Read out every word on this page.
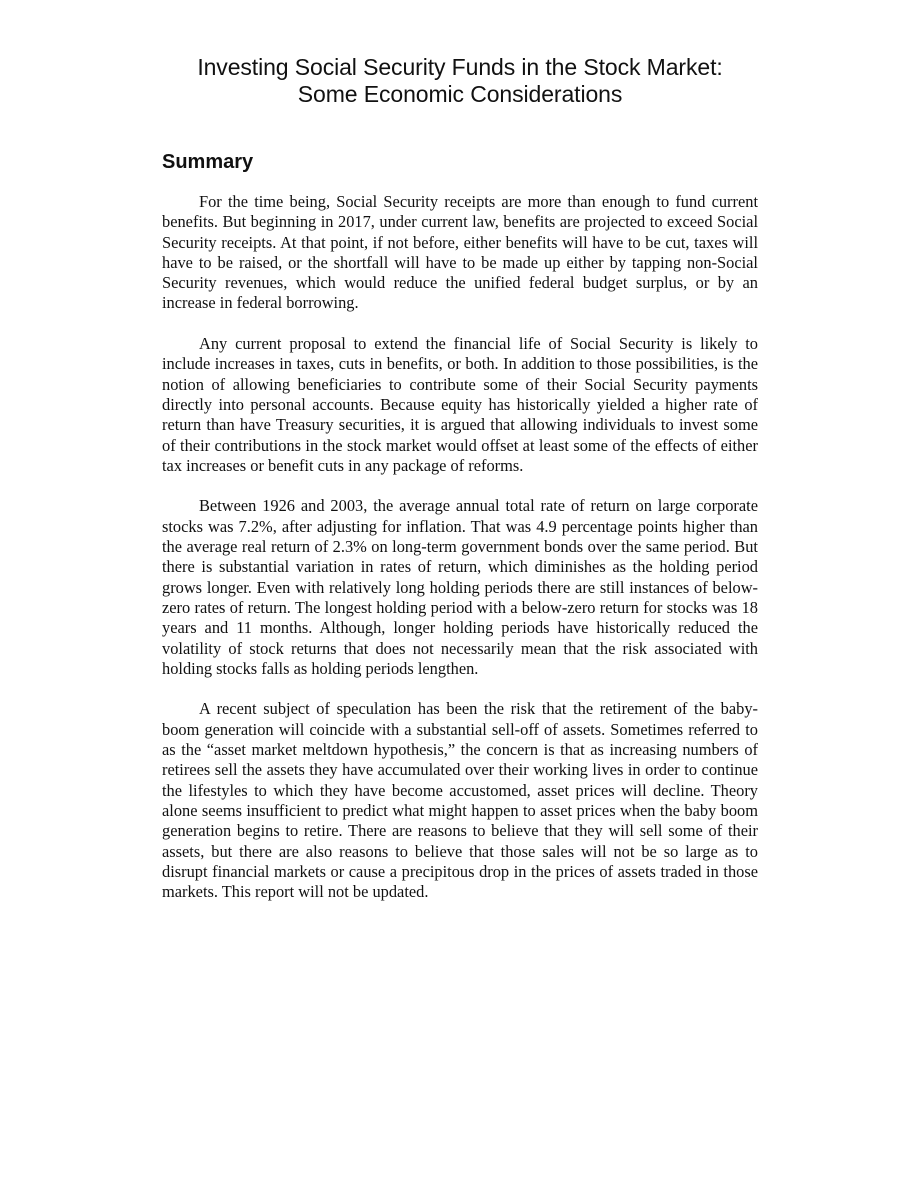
Investing Social Security Funds in the Stock Market:
Some Economic Considerations
Summary

For the time being, Social Security receipts are more than enough to fund current benefits. But beginning in 2017, under current law, benefits are projected to exceed Social Security receipts. At that point, if not before, either benefits will have to be cut, taxes will have to be raised, or the shortfall will have to be made up either by tapping non-Social Security revenues, which would reduce the unified federal budget surplus, or by an increase in federal borrowing.

Any current proposal to extend the financial life of Social Security is likely to include increases in taxes, cuts in benefits, or both. In addition to those possibilities, is the notion of allowing beneficiaries to contribute some of their Social Security payments directly into personal accounts. Because equity has historically yielded a higher rate of return than have Treasury securities, it is argued that allowing individuals to invest some of their contributions in the stock market would offset at least some of the effects of either tax increases or benefit cuts in any package of reforms.

Between 1926 and 2003, the average annual total rate of return on large corporate stocks was 7.2%, after adjusting for inflation. That was 4.9 percentage points higher than the average real return of 2.3% on long-term government bonds over the same period. But there is substantial variation in rates of return, which diminishes as the holding period grows longer. Even with relatively long holding periods there are still instances of below-zero rates of return. The longest holding period with a below-zero return for stocks was 18 years and 11 months. Although, longer holding periods have historically reduced the volatility of stock returns that does not necessarily mean that the risk associated with holding stocks falls as holding periods lengthen.

A recent subject of speculation has been the risk that the retirement of the baby-boom generation will coincide with a substantial sell-off of assets. Sometimes referred to as the “asset market meltdown hypothesis,” the concern is that as increasing numbers of retirees sell the assets they have accumulated over their working lives in order to continue the lifestyles to which they have become accustomed, asset prices will decline. Theory alone seems insufficient to predict what might happen to asset prices when the baby boom generation begins to retire. There are reasons to believe that they will sell some of their assets, but there are also reasons to believe that those sales will not be so large as to disrupt financial markets or cause a precipitous drop in the prices of assets traded in those markets. This report will not be updated.
